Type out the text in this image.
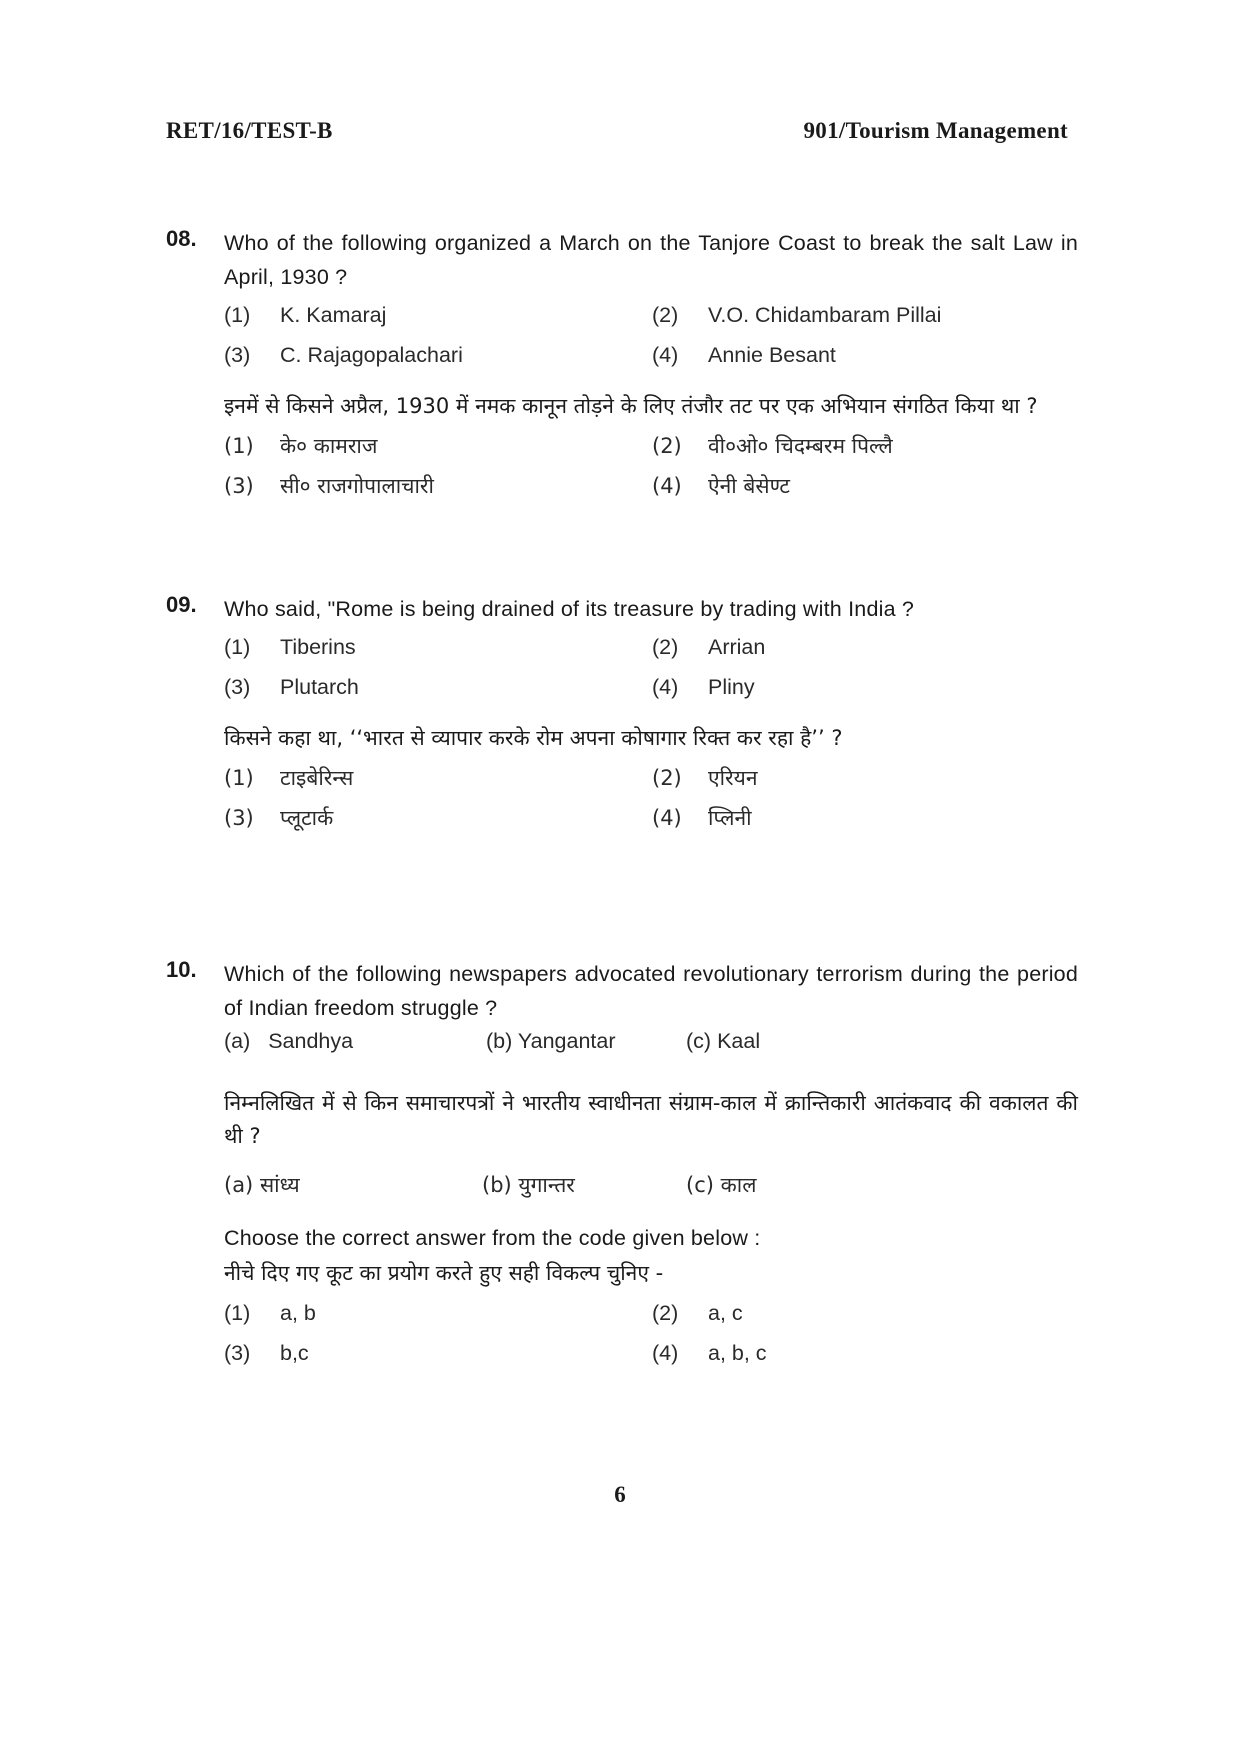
RET/16/TEST-B	901/Tourism Management
08. Who of the following organized a March on the Tanjore Coast to break the salt Law in April, 1930 ?
(1) K. Kamaraj	(2) V.O. Chidambaram Pillai
(3) C. Rajagopalachari	(4) Annie Besant
इनमें से किसने अप्रैल, 1930 में नमक कानून तोड़ने के लिए तंजौर तट पर एक अभियान संगठित किया था ?
(1) के० कामराज	(2) वी०ओ० चिदम्बरम पिल्लै
(3) सी० राजगोपालाचारी	(4) ऐनी बेसेण्ट
09. Who said, "Rome is being drained of its treasure by trading with India ?
(1) Tiberins	(2) Arrian
(3) Plutarch	(4) Pliny
किसने कहा था, ‘‘भारत से व्यापार करके रोम अपना कोषागार रिक्त कर रहा है’’ ?
(1) टाइबेरिन्स	(2) एरियन
(3) प्लूटार्क	(4) प्लिनी
10. Which of the following newspapers advocated revolutionary terrorism during the period of Indian freedom struggle ?
(a) Sandhya	(b) Yangantar	(c) Kaal
निम्नलिखित में से किन समाचारपत्रों ने भारतीय स्वाधीनता संग्राम-काल में क्रान्तिकारी आतंकवाद की वकालत की थी ?
(a) सांध्य	(b) युगान्तर	(c) काल
Choose the correct answer from the code given below :
नीचे दिए गए कूट का प्रयोग करते हुए सही विकल्प चुनिए -
(1) a, b	(2) a, c
(3) b,c	(4) a, b, c
6
